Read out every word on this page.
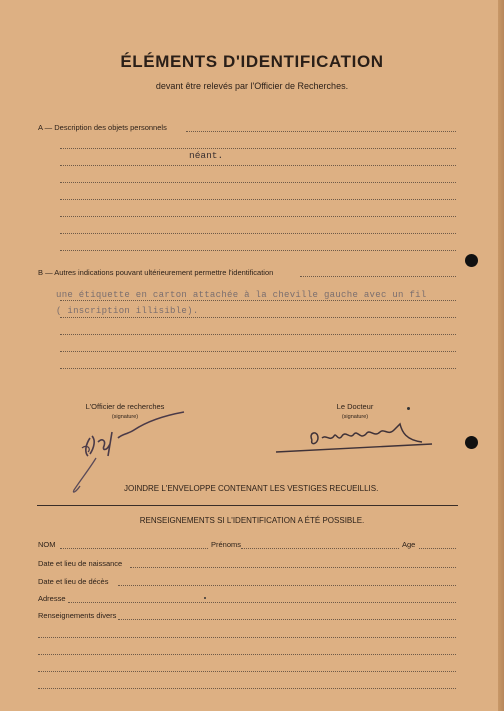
ÉLÉMENTS D'IDENTIFICATION
devant être relevés par l'Officier de Recherches.
A — Description des objets personnels
néant.
B — Autres indications pouvant ultérieurement permettre l'identification
une étiquette en carton attachée à la cheville gauche avec un fil
( inscription illisible).
L'Officier de recherches
(signature)
Le Docteur
(signature)
JOINDRE L'ENVELOPPE CONTENANT LES VESTIGES RECUEILLIS.
RENSEIGNEMENTS SI L'IDENTIFICATION A ÉTÉ POSSIBLE.
NOM	Prénoms	Age
Date et lieu de naissance
Date et lieu de décès
Adresse
Renseignements divers
